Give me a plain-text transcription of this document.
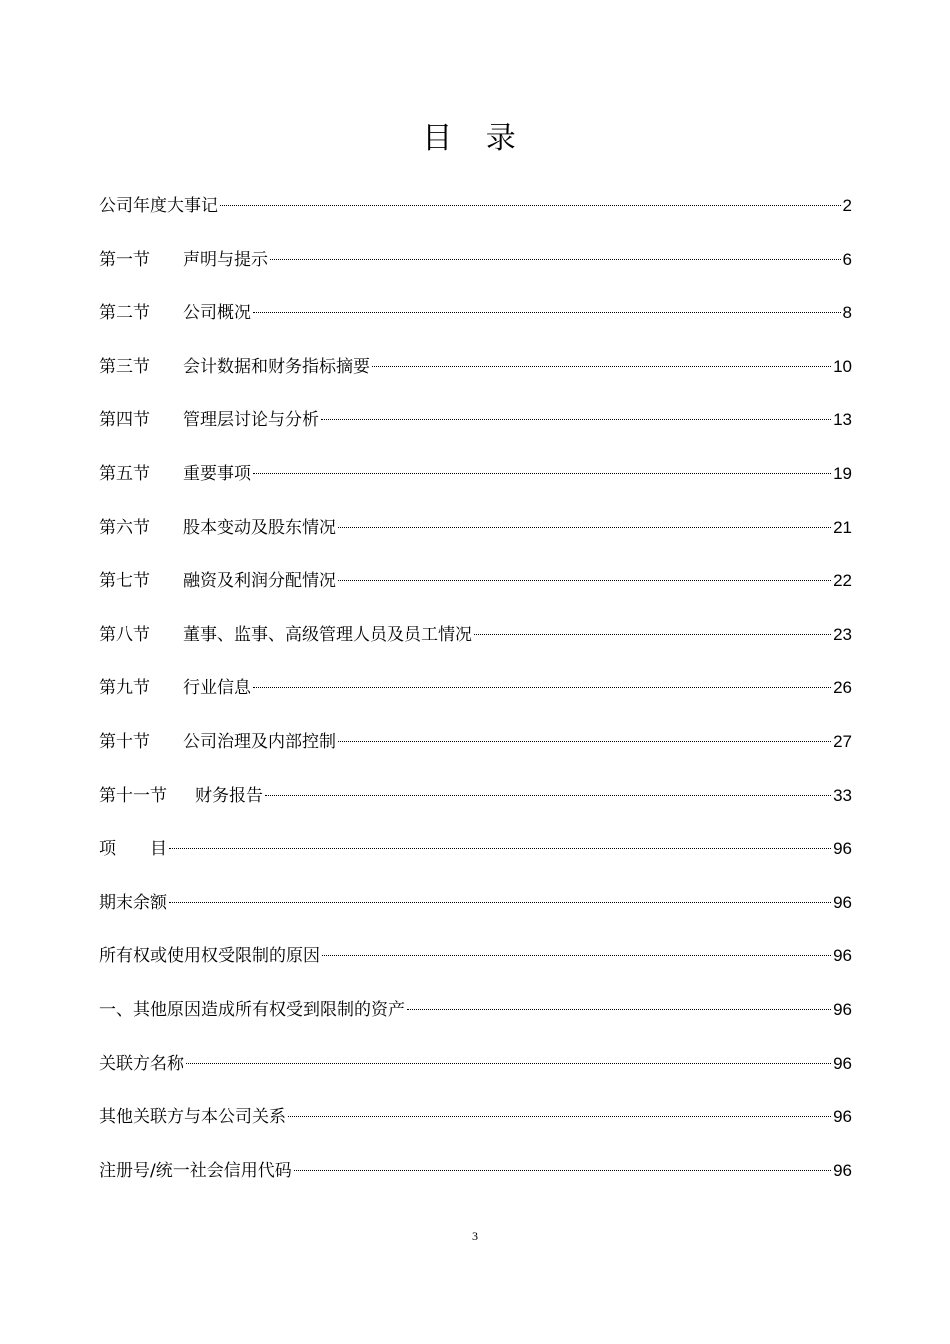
目 录
公司年度大事记	2
第一节 声明与提示	6
第二节 公司概况	8
第三节 会计数据和财务指标摘要	10
第四节 管理层讨论与分析	13
第五节 重要事项	19
第六节 股本变动及股东情况	21
第七节 融资及利润分配情况	22
第八节 董事、监事、高级管理人员及员工情况	23
第九节 行业信息	26
第十节 公司治理及内部控制	27
第十一节 财务报告	33
项　　目	96
期末余额	96
所有权或使用权受限制的原因	96
一、其他原因造成所有权受到限制的资产	96
关联方名称	96
其他关联方与本公司关系	96
注册号/统一社会信用代码	96
3
